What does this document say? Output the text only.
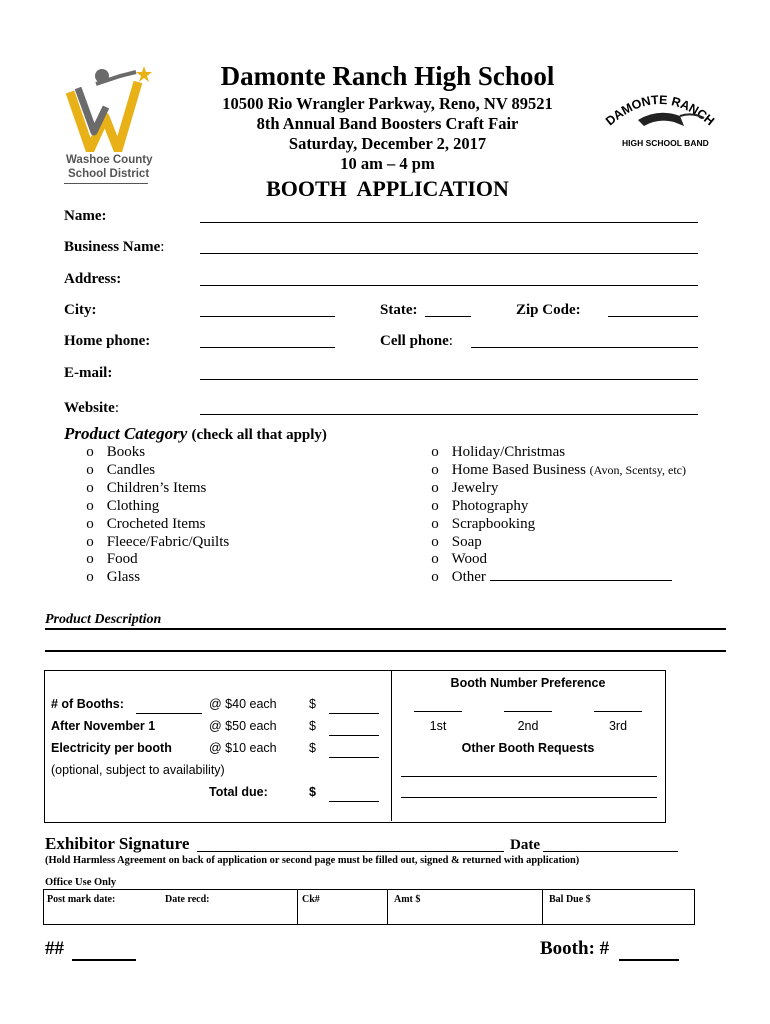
Washoe County
School District
DAMONTE RANCH
HIGH SCHOOL BAND
Damonte Ranch High School
10500 Rio Wrangler Parkway, Reno, NV 89521
8th Annual Band Boosters Craft Fair
Saturday, December 2, 2017
10 am – 4 pm
BOOTH  APPLICATION
Name:
Business Name:
Address:
City:	State:	Zip Code:
Home phone:	Cell phone:
E-mail:
Website:
Product Category (check all that apply)
o Books
o Candles
o Children’s Items
o Clothing
o Crocheted Items
o Fleece/Fabric/Quilts
o Food
o Glass
o Holiday/Christmas
o Home Based Business (Avon, Scentsy, etc)
o Jewelry
o Photography
o Scrapbooking
o Soap
o Wood
o Other
Product Description
# of Booths:	@ $40 each	$
After November 1	@ $50 each	$
Electricity per booth	@ $10 each	$
(optional, subject to availability)
Total due:	$
Booth Number Preference
1st	2nd	3rd
Other Booth Requests
Exhibitor Signature	Date
(Hold Harmless Agreement on back of application or second page must be filled out, signed & returned with application)
Office Use Only
Post mark date:	Date recd:	Ck#	Amt $	Bal Due $
##	Booth: #
